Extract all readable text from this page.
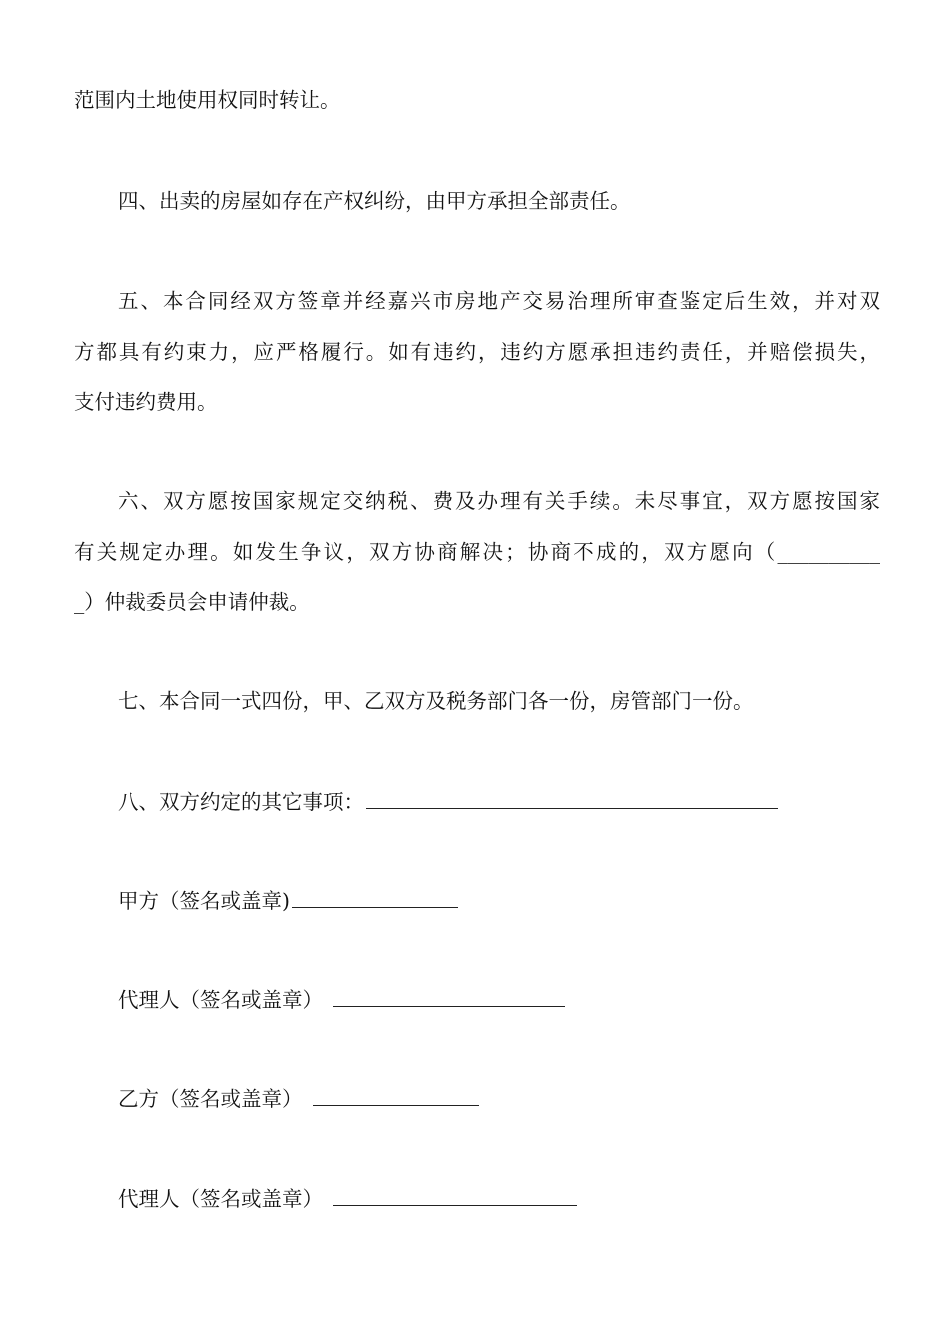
范围内土地使用权同时转让。
四、出卖的房屋如存在产权纠纷，由甲方承担全部责任。
五、本合同经双方签章并经嘉兴市房地产交易治理所审查鉴定后生效，并对双
方都具有约束力，应严格履行。如有违约，违约方愿承担违约责任，并赔偿损失，
支付违约费用。
六、双方愿按国家规定交纳税、费及办理有关手续。未尽事宜，双方愿按国家
有关规定办理。如发生争议，双方协商解决；协商不成的，双方愿向（__________
_）仲裁委员会申请仲裁。
七、本合同一式四份，甲、乙双方及税务部门各一份，房管部门一份。
八、双方约定的其它事项：
甲方（签名或盖章)
代理人（签名或盖章）
乙方（签名或盖章）
代理人（签名或盖章）
